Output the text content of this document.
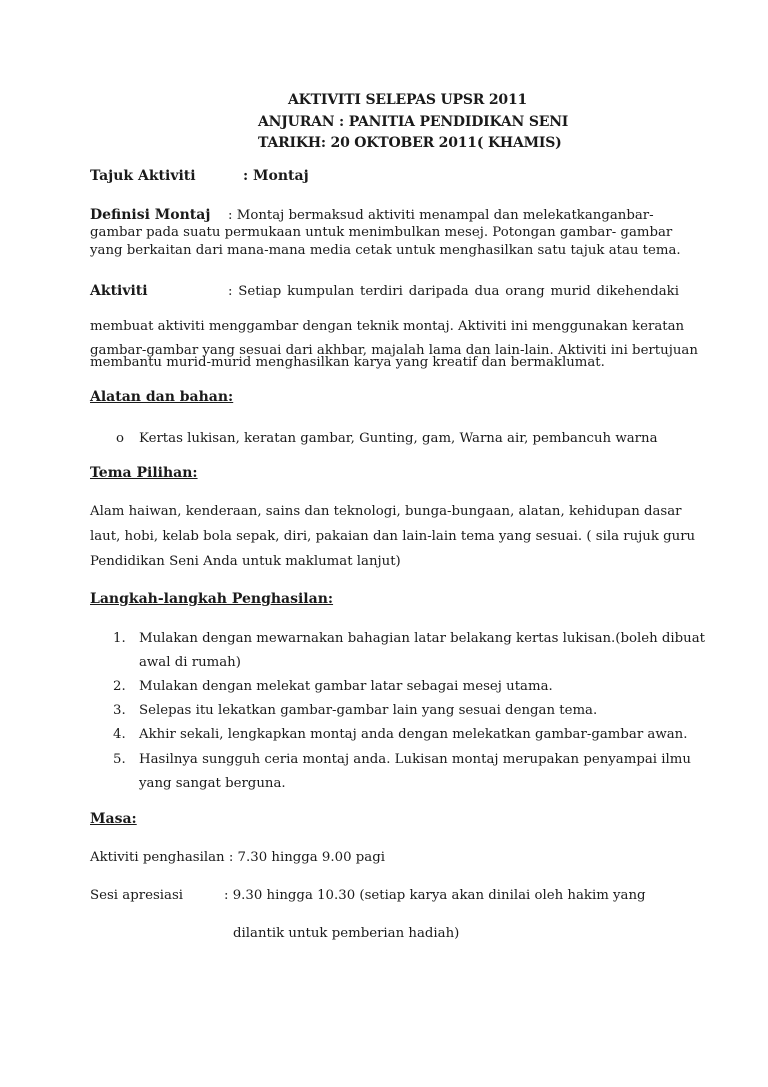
AKTIVITI SELEPAS UPSR 2011
ANJURAN : PANITIA PENDIDIKAN SENI
TARIKH: 20 OKTOBER 2011( KHAMIS)
Tajuk Aktiviti	: Montaj
Definisi Montaj : Montaj bermaksud aktiviti menampal dan melekatkanganbar-
gambar pada suatu permukaan untuk menimbulkan mesej. Potongan gambar- gambar
yang berkaitan dari mana-mana media cetak untuk menghasilkan satu tajuk atau tema.
Aktiviti	: Setiap kumpulan terdiri daripada dua orang murid dikehendaki
membuat aktiviti menggambar dengan teknik montaj. Aktiviti ini menggunakan keratan
gambar-gambar yang sesuai dari akhbar, majalah lama dan lain-lain. Aktiviti ini bertujuan
membantu murid-murid menghasilkan karya yang kreatif dan bermaklumat.
Alatan dan bahan:
o Kertas lukisan, keratan gambar, Gunting, gam, Warna air, pembancuh warna
Tema Pilihan:
Alam haiwan, kenderaan, sains dan teknologi, bunga-bungaan, alatan, kehidupan dasar
laut, hobi, kelab bola sepak, diri, pakaian dan lain-lain tema yang sesuai. ( sila rujuk guru
Pendidikan Seni Anda untuk maklumat lanjut)
Langkah-langkah Penghasilan:
1. Mulakan dengan mewarnakan bahagian latar belakang kertas lukisan.(boleh dibuat
awal di rumah)
2. Mulakan dengan melekat gambar latar sebagai mesej utama.
3. Selepas itu lekatkan gambar-gambar lain yang sesuai dengan tema.
4. Akhir sekali, lengkapkan montaj anda dengan melekatkan gambar-gambar awan.
5. Hasilnya sungguh ceria montaj anda. Lukisan montaj merupakan penyampai ilmu
yang sangat berguna.
Masa:
Aktiviti penghasilan : 7.30 hingga 9.00 pagi
Sesi apresiasi	: 9.30 hingga 10.30 (setiap karya akan dinilai oleh hakim yang
dilantik untuk pemberian hadiah)
